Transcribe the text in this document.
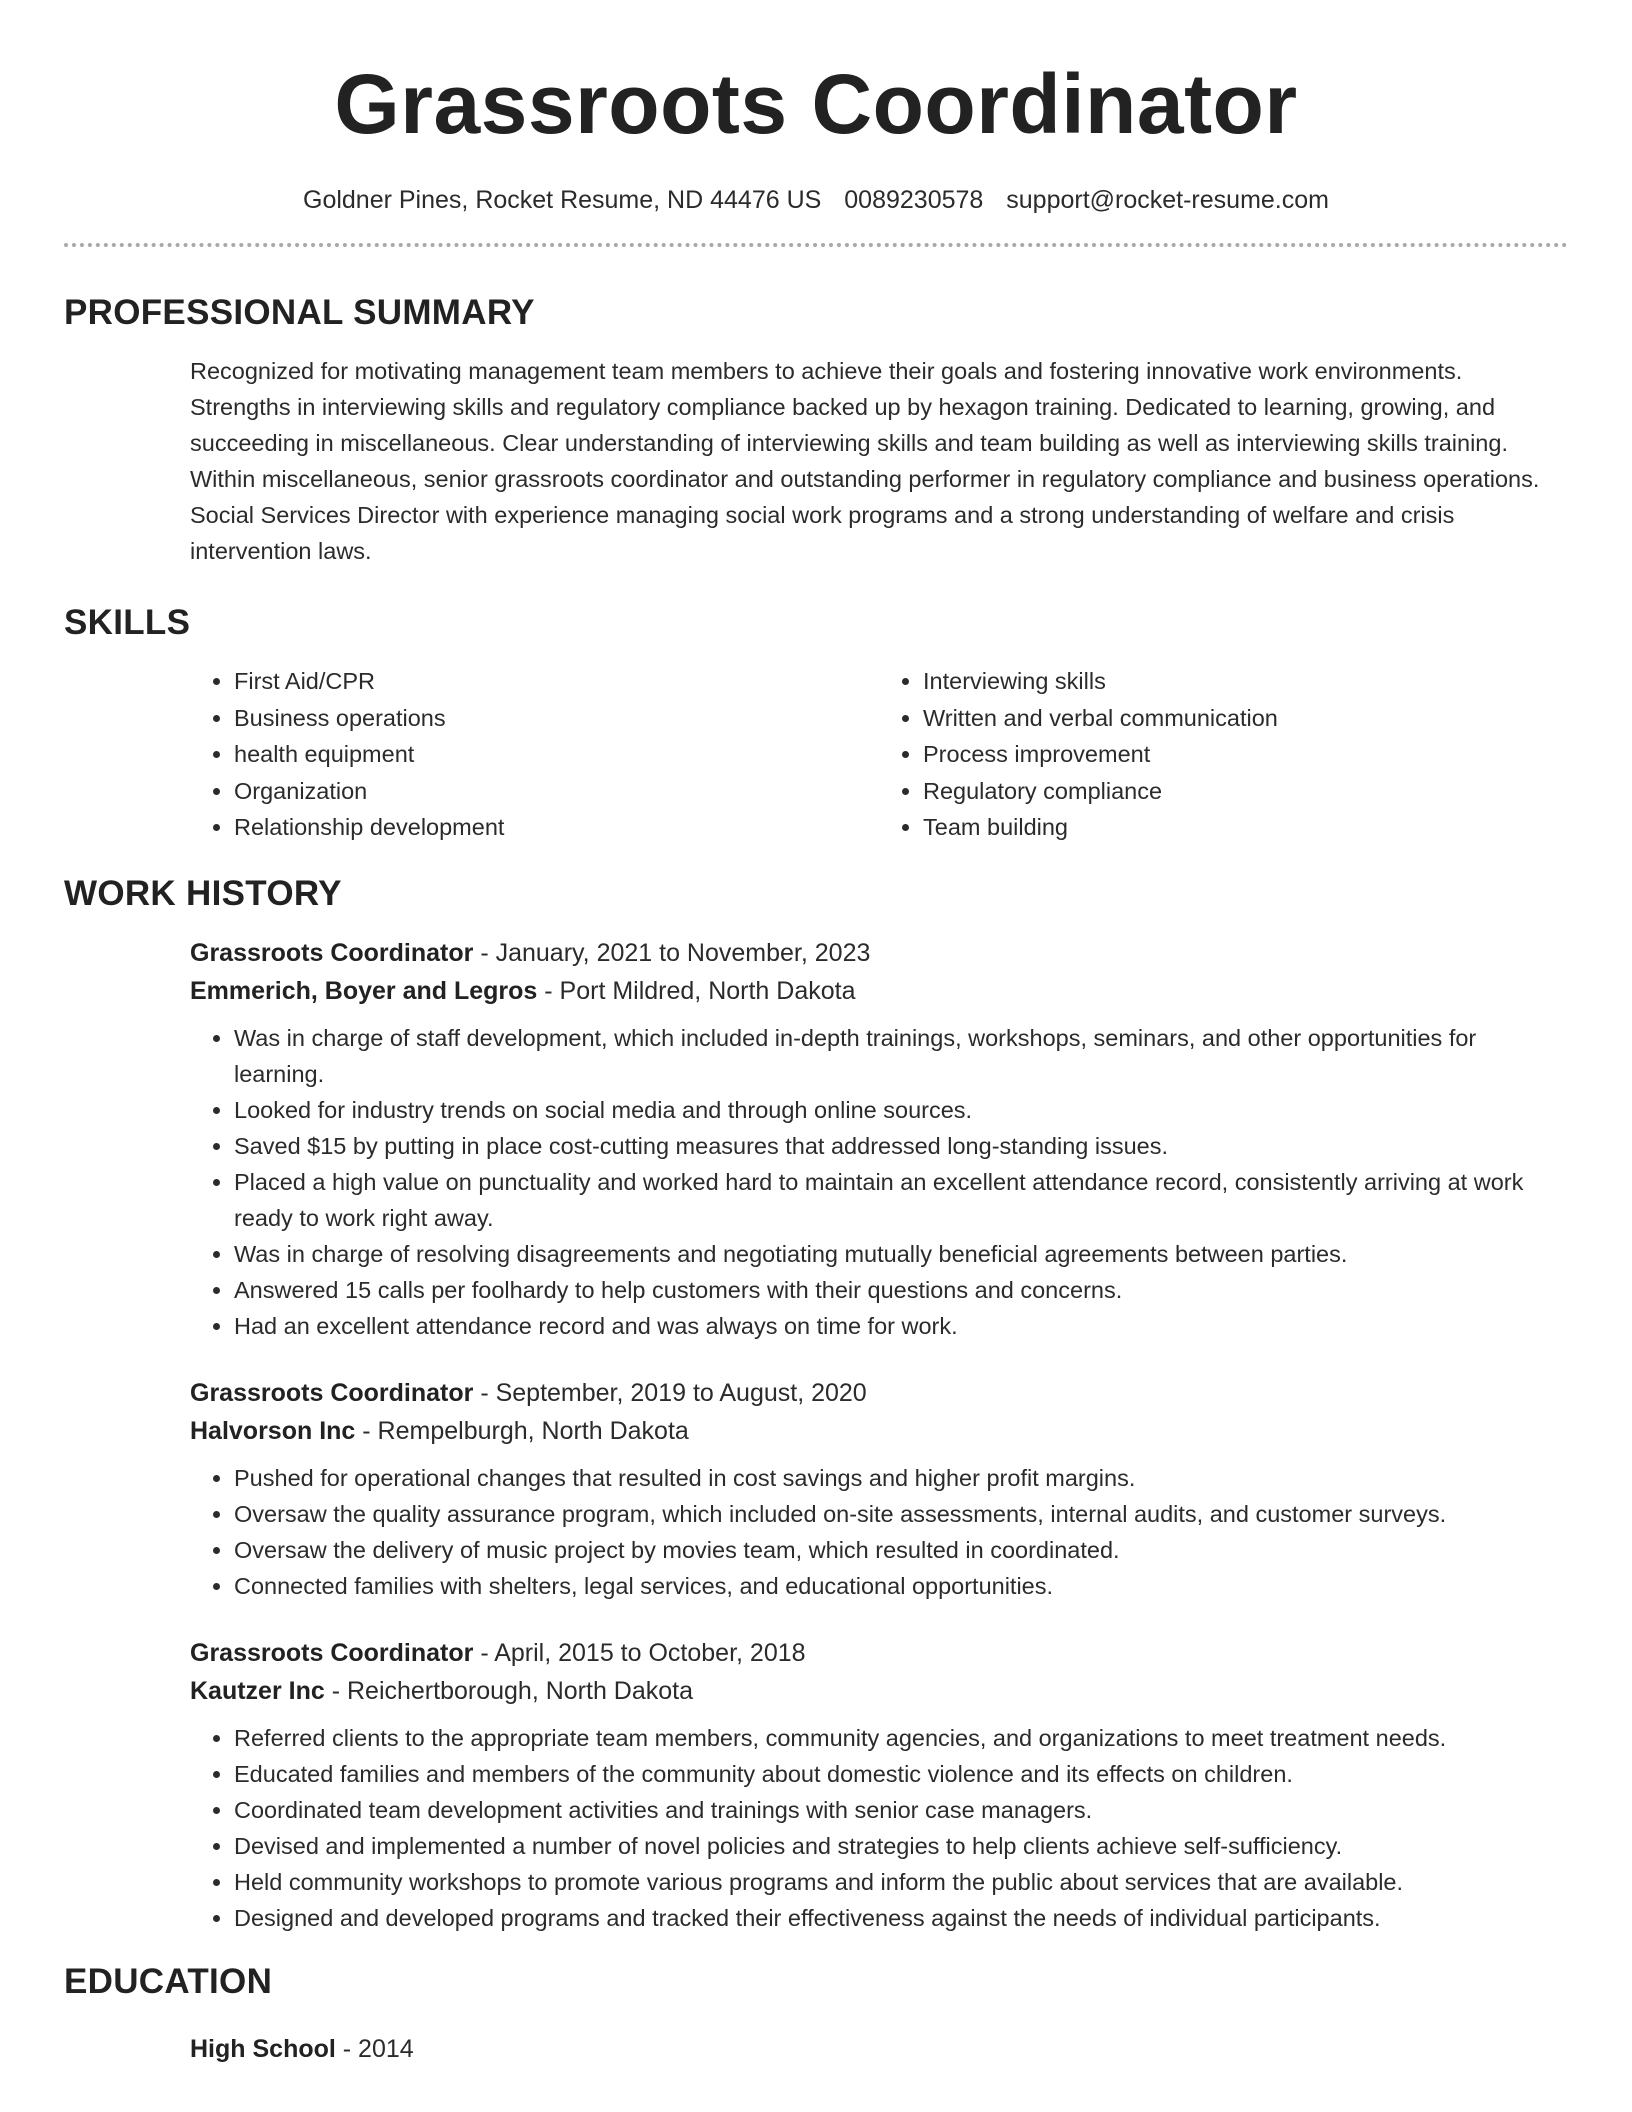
Grassroots Coordinator
Goldner Pines, Rocket Resume, ND 44476 US 0089230578 support@rocket-resume.com
PROFESSIONAL SUMMARY
Recognized for motivating management team members to achieve their goals and fostering innovative work environments. Strengths in interviewing skills and regulatory compliance backed up by hexagon training. Dedicated to learning, growing, and succeeding in miscellaneous. Clear understanding of interviewing skills and team building as well as interviewing skills training. Within miscellaneous, senior grassroots coordinator and outstanding performer in regulatory compliance and business operations. Social Services Director with experience managing social work programs and a strong understanding of welfare and crisis intervention laws.
SKILLS
• First Aid/CPR
• Business operations
• health equipment
• Organization
• Relationship development
• Interviewing skills
• Written and verbal communication
• Process improvement
• Regulatory compliance
• Team building
WORK HISTORY
Grassroots Coordinator - January, 2021 to November, 2023
Emmerich, Boyer and Legros - Port Mildred, North Dakota
• Was in charge of staff development, which included in-depth trainings, workshops, seminars, and other opportunities for learning.
• Looked for industry trends on social media and through online sources.
• Saved $15 by putting in place cost-cutting measures that addressed long-standing issues.
• Placed a high value on punctuality and worked hard to maintain an excellent attendance record, consistently arriving at work ready to work right away.
• Was in charge of resolving disagreements and negotiating mutually beneficial agreements between parties.
• Answered 15 calls per foolhardy to help customers with their questions and concerns.
• Had an excellent attendance record and was always on time for work.
Grassroots Coordinator - September, 2019 to August, 2020
Halvorson Inc - Rempelburgh, North Dakota
• Pushed for operational changes that resulted in cost savings and higher profit margins.
• Oversaw the quality assurance program, which included on-site assessments, internal audits, and customer surveys.
• Oversaw the delivery of music project by movies team, which resulted in coordinated.
• Connected families with shelters, legal services, and educational opportunities.
Grassroots Coordinator - April, 2015 to October, 2018
Kautzer Inc - Reichertborough, North Dakota
• Referred clients to the appropriate team members, community agencies, and organizations to meet treatment needs.
• Educated families and members of the community about domestic violence and its effects on children.
• Coordinated team development activities and trainings with senior case managers.
• Devised and implemented a number of novel policies and strategies to help clients achieve self-sufficiency.
• Held community workshops to promote various programs and inform the public about services that are available.
• Designed and developed programs and tracked their effectiveness against the needs of individual participants.
EDUCATION
High School - 2014
